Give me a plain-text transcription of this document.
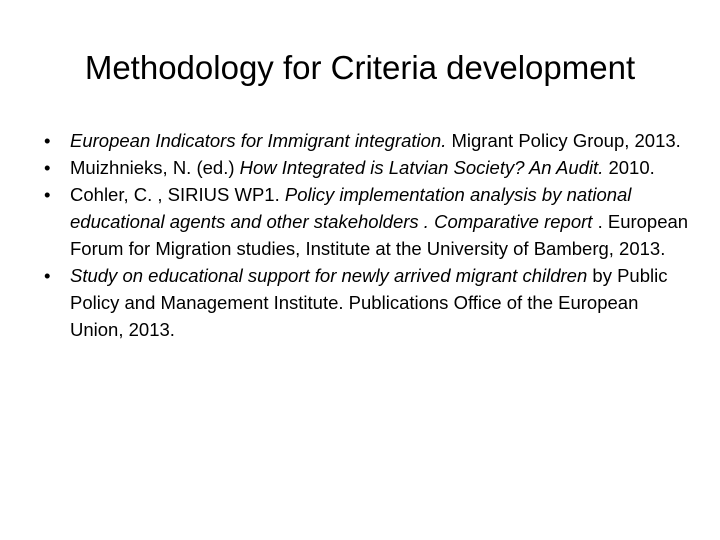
Methodology for Criteria development
• European Indicators for Immigrant integration. Migrant Policy Group, 2013.
• Muizhnieks, N. (ed.) How Integrated is Latvian Society? An Audit. 2010.
• Cohler, C. , SIRIUS WP1. Policy implementation analysis by national educational agents and other stakeholders . Comparative report . European Forum for Migration studies, Institute at the University of Bamberg, 2013.
• Study on educational support for newly arrived migrant children by Public Policy and Management Institute. Publications Office of the European Union, 2013.
